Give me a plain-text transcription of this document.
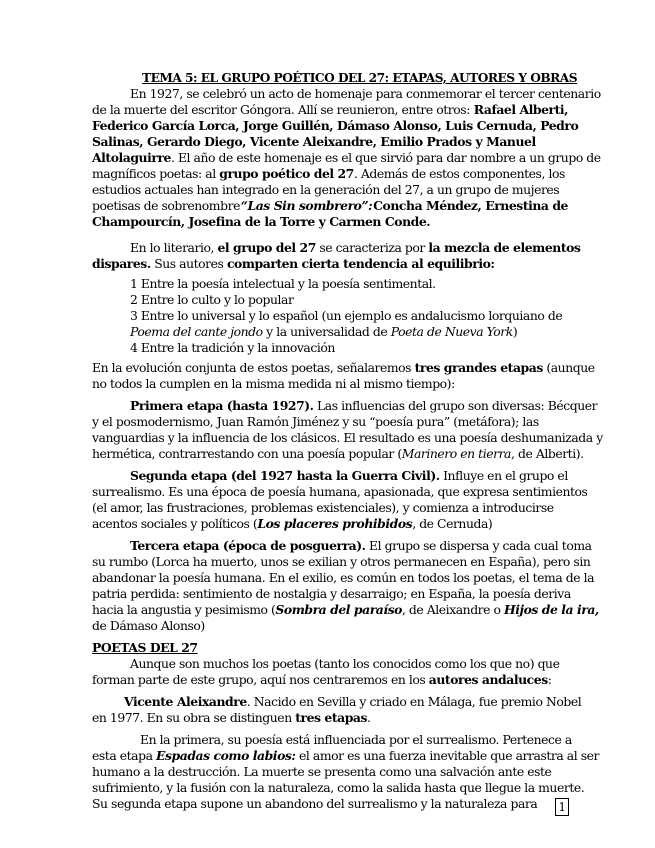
TEMA 5: EL GRUPO POÉTICO DEL 27: ETAPAS, AUTORES Y OBRAS
En 1927, se celebró un acto de homenaje para conmemorar el tercer centenario
de la muerte del escritor Góngora. Allí se reunieron, entre otros: Rafael Alberti,
Federico García Lorca, Jorge Guillén, Dámaso Alonso, Luis Cernuda, Pedro
Salinas, Gerardo Diego, Vicente Aleixandre, Emilio Prados y Manuel
Altolaguirre. El año de este homenaje es el que sirvió para dar nombre a un grupo de
magníficos poetas: al grupo poético del 27. Además de estos componentes, los
estudios actuales han integrado en la generación del 27, a un grupo de mujeres
poetisas de sobrenombre “Las Sin sombrero”: Concha Méndez, Ernestina de
Champourcín, Josefina de la Torre y Carmen Conde.
En lo literario, el grupo del 27 se caracteriza por la mezcla de elementos
dispares. Sus autores comparten cierta tendencia al equilibrio:
1 Entre la poesía intelectual y la poesía sentimental.
2 Entre lo culto y lo popular
3 Entre lo universal y lo español (un ejemplo es andalucismo lorquiano de
Poema del cante jondo y la universalidad de Poeta de Nueva York)
4 Entre la tradición y la innovación
En la evolución conjunta de estos poetas, señalaremos tres grandes etapas (aunque
no todos la cumplen en la misma medida ni al mismo tiempo):
Primera etapa (hasta 1927). Las influencias del grupo son diversas: Bécquer
y el posmodernismo, Juan Ramón Jiménez y su “poesía pura” (metáfora); las
vanguardias y la influencia de los clásicos. El resultado es una poesía deshumanizada y
hermética, contrarrestando con una poesía popular (Marinero en tierra, de Alberti).
Segunda etapa (del 1927 hasta la Guerra Civil). Influye en el grupo el
surrealismo. Es una época de poesía humana, apasionada, que expresa sentimientos
(el amor, las frustraciones, problemas existenciales), y comienza a introducirse
acentos sociales y políticos (Los placeres prohibidos, de Cernuda)
Tercera etapa (época de posguerra). El grupo se dispersa y cada cual toma
su rumbo (Lorca ha muerto, unos se exilian y otros permanecen en España), pero sin
abandonar la poesía humana. En el exilio, es común en todos los poetas, el tema de la
patria perdida: sentimiento de nostalgia y desarraigo; en España, la poesía deriva
hacia la angustia y pesimismo (Sombra del paraíso, de Aleixandre o Hijos de la ira,
de Dámaso Alonso)
POETAS DEL 27
Aunque son muchos los poetas (tanto los conocidos como los que no) que
forman parte de este grupo, aquí nos centraremos en los autores andaluces:
Vicente Aleixandre. Nacido en Sevilla y criado en Málaga, fue premio Nobel
en 1977. En su obra se distinguen tres etapas.
En la primera, su poesía está influenciada por el surrealismo. Pertenece a
esta etapa Espadas como labios: el amor es una fuerza inevitable que arrastra al ser
humano a la destrucción. La muerte se presenta como una salvación ante este
sufrimiento, y la fusión con la naturaleza, como la salida hasta que llegue la muerte.
Su segunda etapa supone un abandono del surrealismo y la naturaleza para 1
